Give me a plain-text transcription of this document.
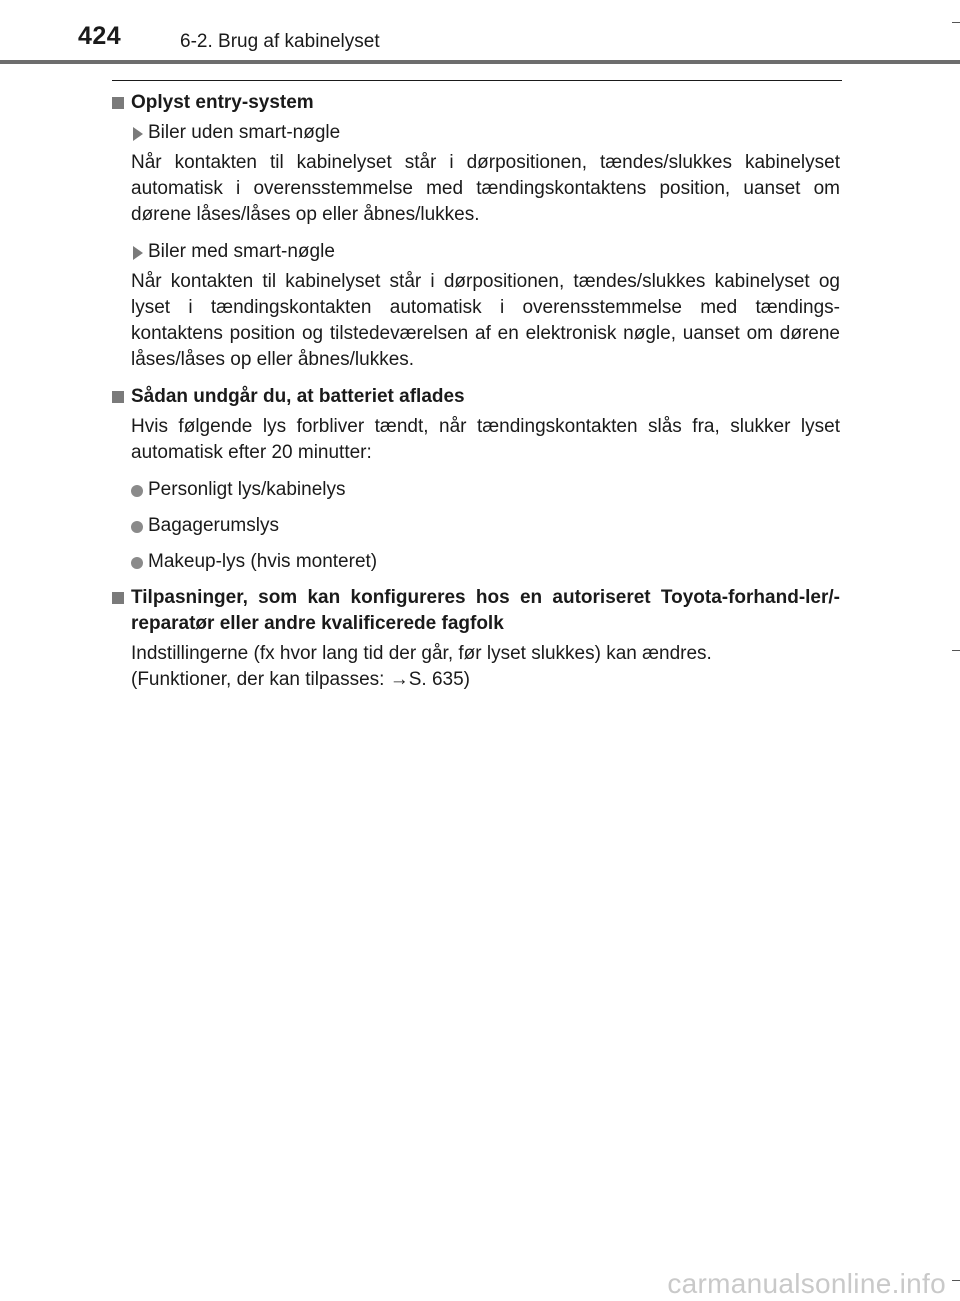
424	6-2. Brug af kabinelyset
Oplyst entry-system
Biler uden smart-nøgle

Når kontakten til kabinelyset står i dørpositionen, tændes/slukkes kabinelyset automatisk i overensstemmelse med tændingskontaktens position, uanset om dørene låses/låses op eller åbnes/lukkes.

Biler med smart-nøgle

Når kontakten til kabinelyset står i dørpositionen, tændes/slukkes kabinelyset og lyset i tændingskontakten automatisk i overensstemmelse med tændings-kontaktens position og tilstedeværelsen af en elektronisk nøgle, uanset om dørene låses/låses op eller åbnes/lukkes.

Sådan undgår du, at batteriet aflades

Hvis følgende lys forbliver tændt, når tændingskontakten slås fra, slukker lyset automatisk efter 20 minutter:

Personligt lys/kabinelys
Bagagerumslys
Makeup-lys (hvis monteret)
Tilpasninger, som kan konfigureres hos en autoriseret Toyota-forhand-ler/-reparatør eller andre kvalificerede fagfolk

Indstillingerne (fx hvor lang tid der går, før lyset slukkes) kan ændres.

(Funktioner, der kan tilpasses: →S. 635)

carmanualsonline.info
